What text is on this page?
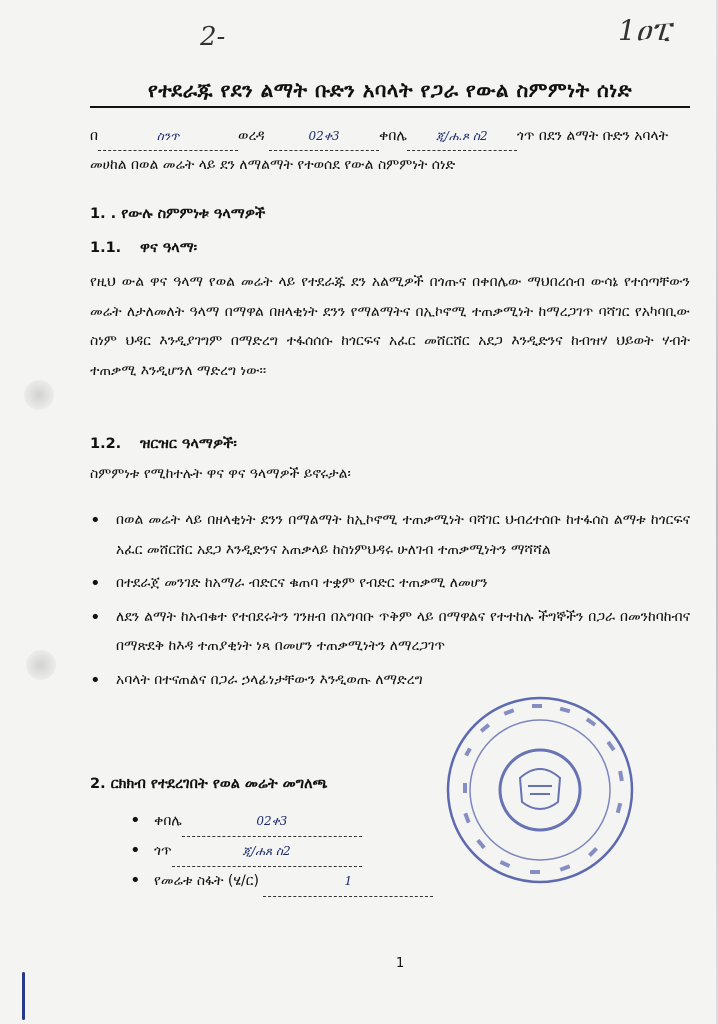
2-	1ዐፒ
የተደራጁ የደን ልማት ቡድን አባላት የጋራ የውል ስምምነት ሰነድ
በ	ስንጥ	ወረዳ	02ቀ3	ቀበሌ ጂ/ሐ.ጾ ስ2 ጎጥ በደን ልማት ቡድን አባላት መሀከል በወል መሬት ላይ ደን ለማልማት የተወሰደ የውል ስምምነት ሰነድ
1. . የውሉ ስምምነቱ ዓላማዎች
1.1. ዋና ዓላማ፡
የዚህ ውል ዋና ዓላማ የወል መሬት ላይ የተደራጁ ደን አልሚዎች በጎጡና በቀበሌው ማህበረሰብ ውሳኔ የተሰጣቸውን መሬት ለታለመለት ዓላማ በማዋል በዘላቂነት ደንን የማልማትና በኢኮኖሚ ተጠቃሚነት ከማረጋገጥ ባሻገር የአካባቢው ስነም ህዳር እንዲያገግም በማድረግ ተፋሰሰሱ ከጎርፍና አፈር መሸርሸር አደጋ እንዲድንና ከብዝሃ ህይወት ሃብት ተጠቃሚ እንዲሆንለ ማድረግ ነው፡፡
1.2. ዝርዝር ዓላማዎች፡
ስምምነቱ የሚከተሉት ዋና ዋና ዓላማዎች ይኖሩታል፡
• በወል መሬት ላይ በዘላቂነት ደንን በማልማት ከኢኮኖሚ ተጠቃሚነት ባሻገር ህብረተሰቡ ከተፋሰስ ልማቱ ከጎርፍና አፈር መሸርሸር አደጋ እንዲድንና አጠቃላይ ከስነምህዳሩ ሁለገብ ተጠቃሚነትን ማሻሻል
• በተደራጀ መንገድ ከአማራ ብድርና ቁጠባ ተቋም የብድር ተጠቃሚ ለመሆን
• ለደን ልማት ከአብቁተ የተበደሩትን ገንዘብ በአግባቡ ጥቅም ላይ በማዋልና የተተከሉ ችግኞችን በጋራ በመንከባከብና በማጽደቅ ከእዳ ተጠያቂነት ነጻ በመሆን ተጠቃሚነትን ለማረጋገጥ
• አባላት በተናጠልና በጋራ ኃላፊነታቸውን እንዲወጡ ለማድረግ
2. ርክክብ የተደረገበት የወል መሬት መግለጫ
• ቀበሌ	02ቀ3
• ጎጥ	ጂ/ሐጸ ስ2
• የመሬቱ ስፋት (ሄ/ር)	1
1
